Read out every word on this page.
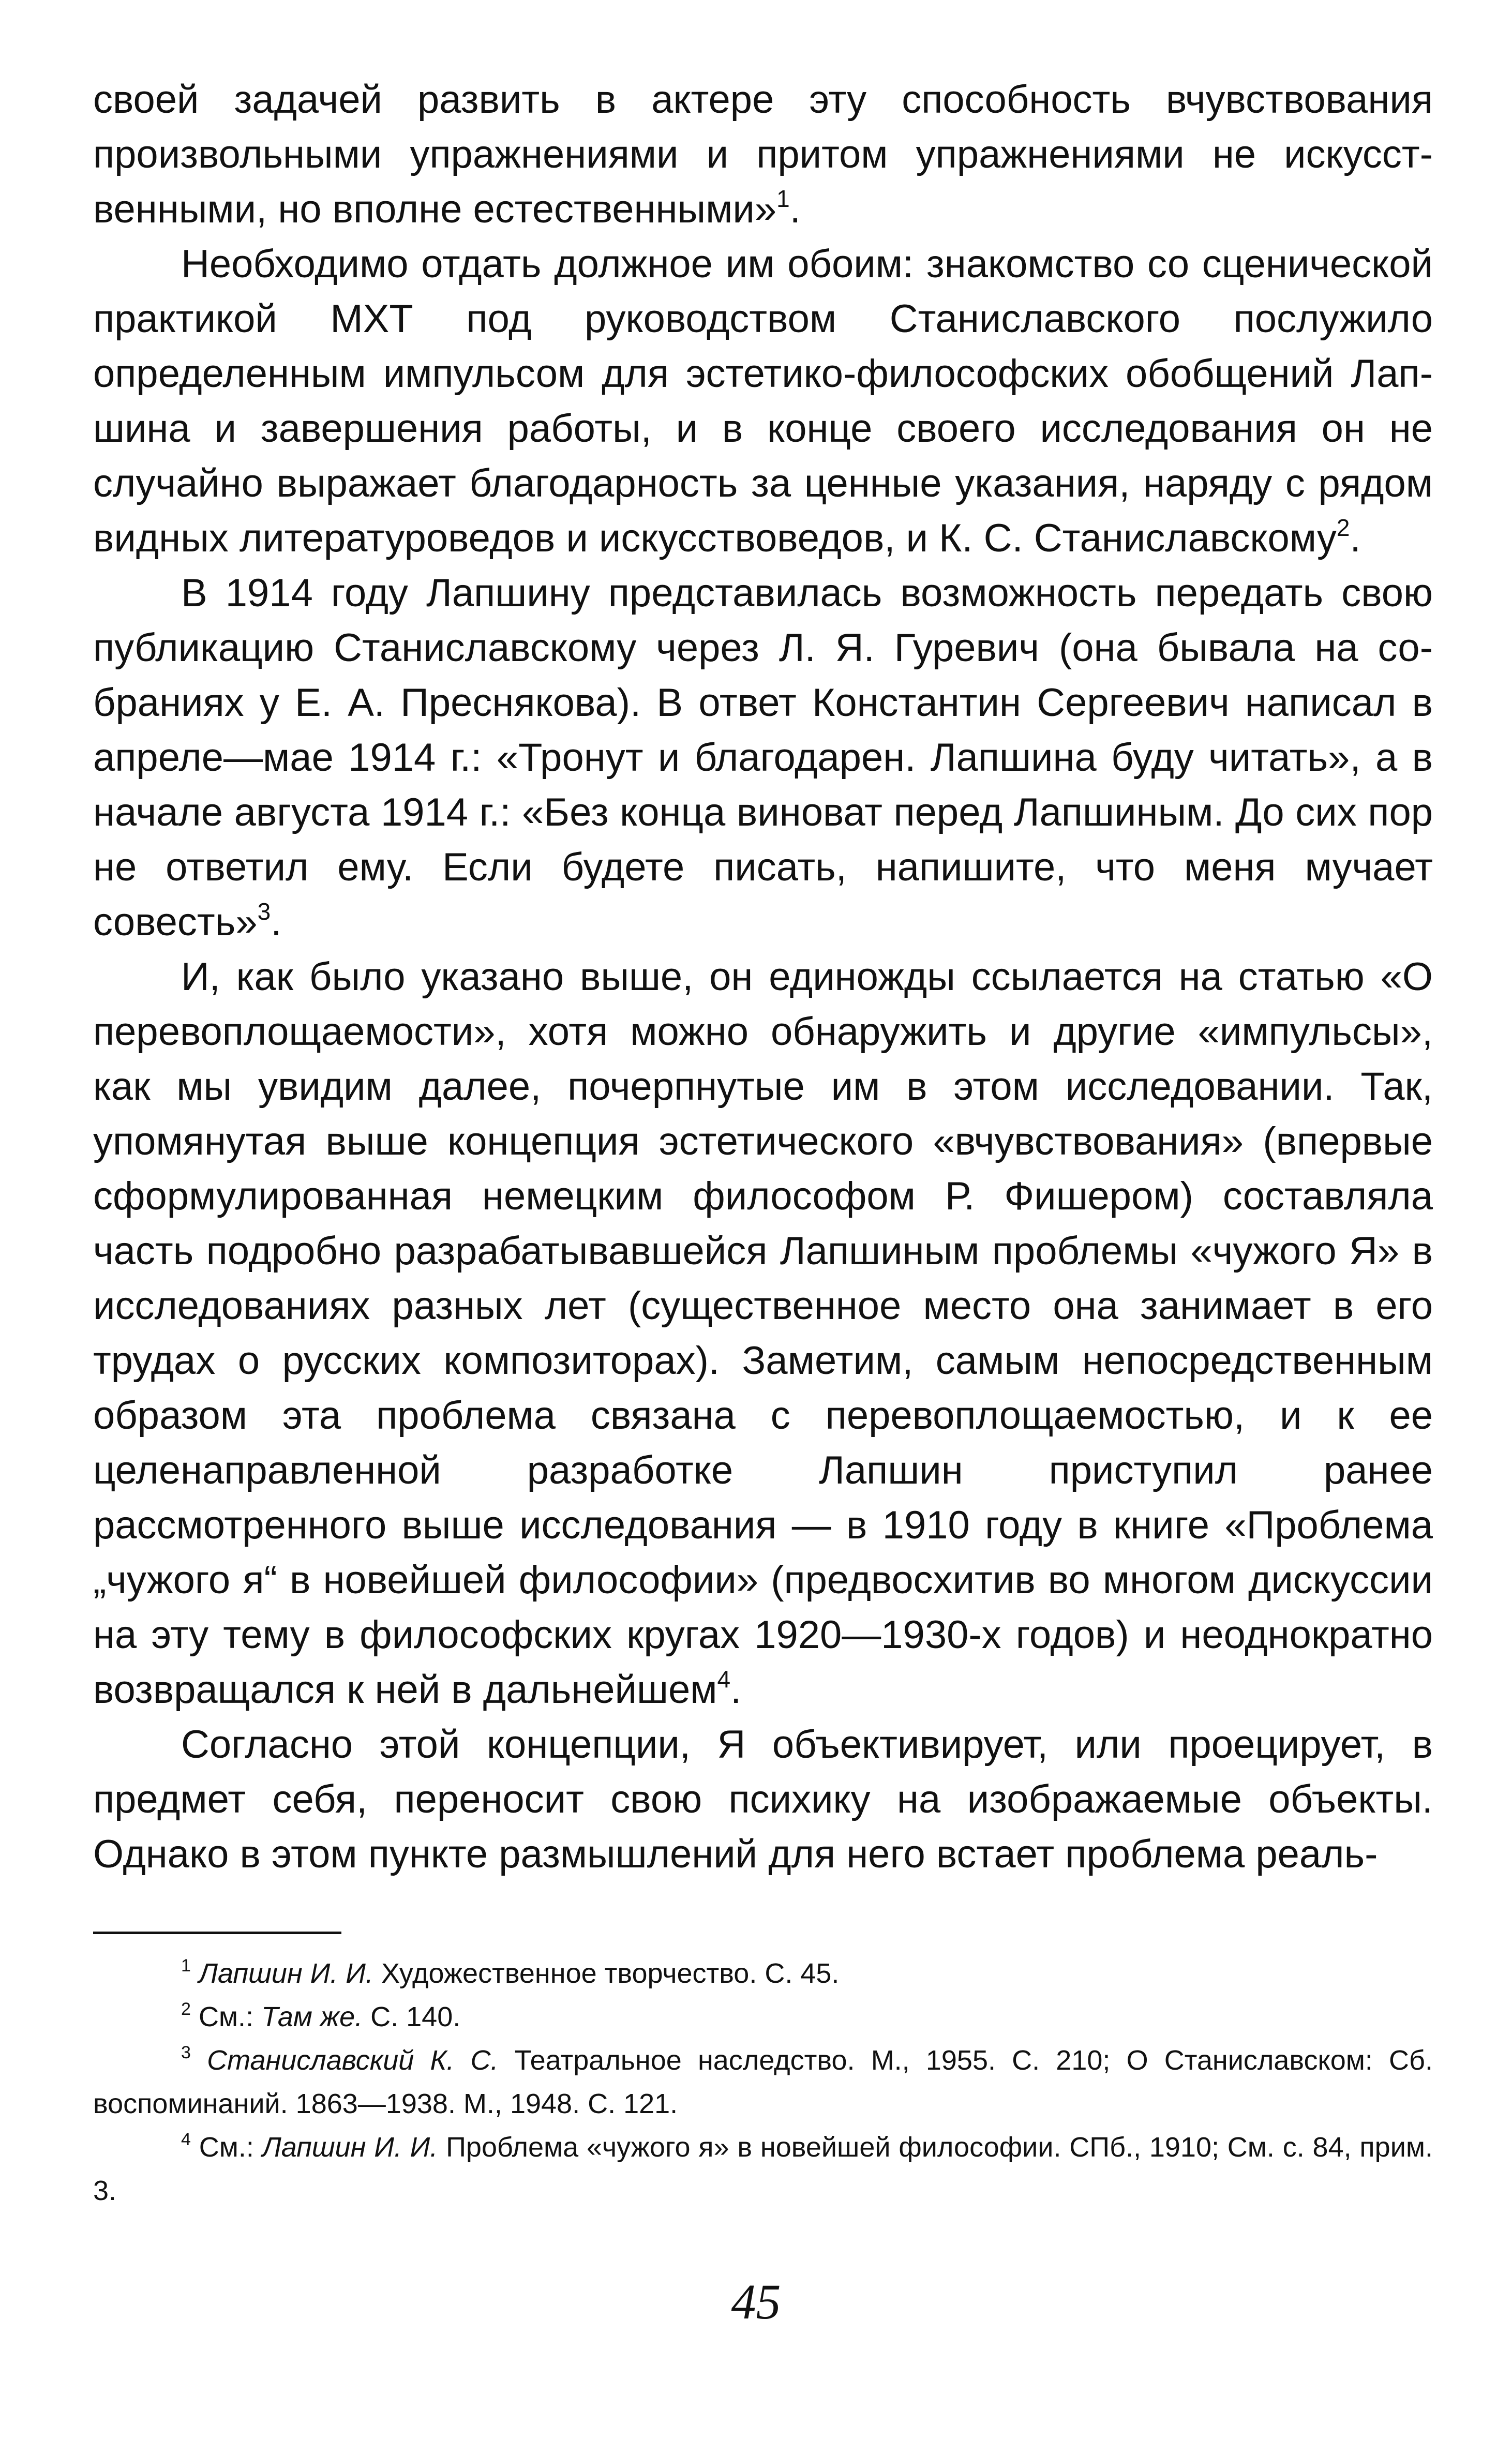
своей задачей развить в актере эту способность вчувствования произвольными упражнениями и притом упражнениями не искусственными, но вполне естественными»$^1$.

Необходимо отдать должное им обоим: знакомство со сценической практикой МХТ под руководством Станиславского послужило определенным импульсом для эстетико-философских обобщений Лапшина и завершения работы, и в конце своего исследования он не случайно выражает благодарность за ценные указания, наряду с рядом видных литературоведов и искусствоведов, и К. С. Станиславскому$^2$.

В 1914 году Лапшину представилась возможность передать свою публикацию Станиславскому через Л. Я. Гуревич (она бывала на собраниях у Е. А. Преснякова). В ответ Константин Сергеевич написал в апреле—мае 1914 г.: «Тронут и благодарен. Лапшина буду читать», а в начале августа 1914 г.: «Без конца виноват перед Лапшиным. До сих пор не ответил ему. Если будете писать, напишите, что меня мучает совесть»$^3$.

И, как было указано выше, он единожды ссылается на статью «О перевоплощаемости», хотя можно обнаружить и другие «импульсы», как мы увидим далее, почерпнутые им в этом исследовании. Так, упомянутая выше концепция эстетического «вчувствования» (впервые сформулированная немецким философом Р. Фишером) составляла часть подробно разрабатывавшейся Лапшиным проблемы «чужого Я» в исследованиях разных лет (существенное место она занимает в его трудах о русских композиторах). Заметим, самым непосредственным образом эта проблема связана с перевоплощаемостью, и к ее целенаправленной разработке Лапшин приступил ранее рассмотренного выше исследования — в 1910 году в книге «Проблема „чужого я“ в новейшей философии» (предвосхитив во многом дискуссии на эту тему в философских кругах 1920—1930-х годов) и неоднократно возвращался к ней в дальнейшем$^4$.

Согласно этой концепции, Я объективирует, или проецирует, в предмет себя, переносит свою психику на изображаемые объекты. Однако в этом пункте размышлений для него встает проблема реаль-

$^1$ Лапшин И. И. Художественное творчество. С. 45.

$^2$ См.: Там же. С. 140.

$^3$ Станиславский К. С. Театральное наследство. М., 1955. С. 210; О Станиславском: Сб. воспоминаний. 1863—1938. М., 1948. С. 121.

$^4$ См.: Лапшин И. И. Проблема «чужого я» в новейшей философии. СПб., 1910; См. с. 84, прим. 3.

45
